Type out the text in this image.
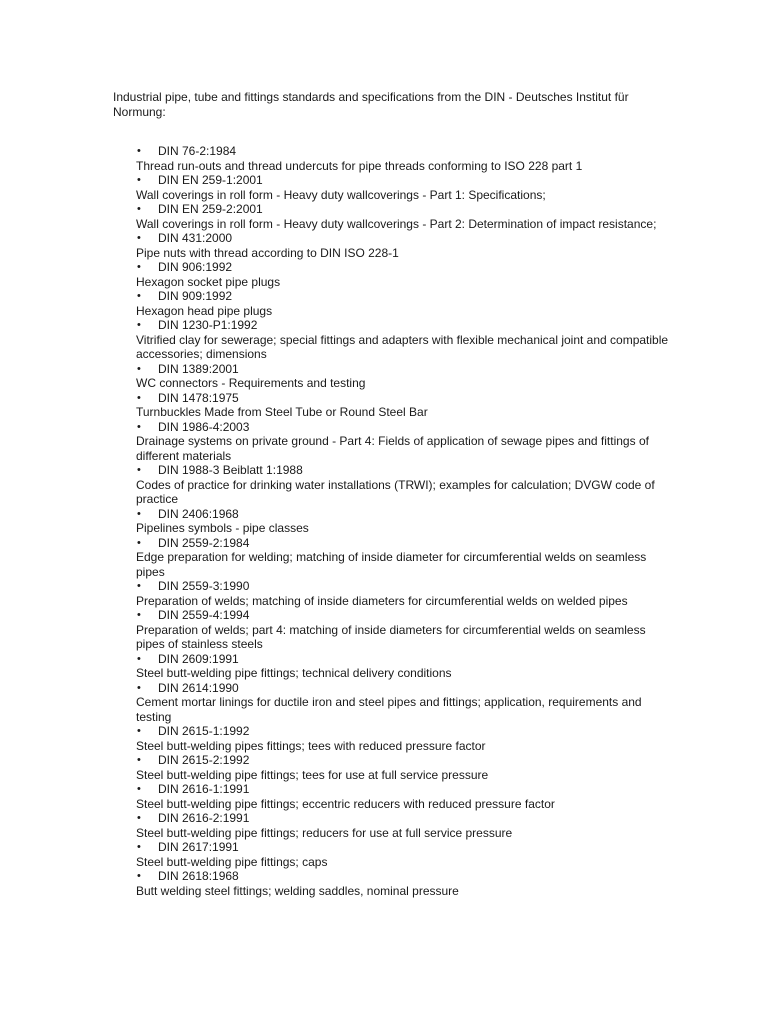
Industrial pipe, tube and fittings standards and specifications from the DIN - Deutsches Institut für Normung:

• DIN 76-2:1984
Thread run-outs and thread undercuts for pipe threads conforming to ISO 228 part 1
• DIN EN 259-1:2001
Wall coverings in roll form - Heavy duty wallcoverings - Part 1: Specifications;
• DIN EN 259-2:2001
Wall coverings in roll form - Heavy duty wallcoverings - Part 2: Determination of impact resistance;
• DIN 431:2000
Pipe nuts with thread according to DIN ISO 228-1
• DIN 906:1992
Hexagon socket pipe plugs
• DIN 909:1992
Hexagon head pipe plugs
• DIN 1230-P1:1992
Vitrified clay for sewerage; special fittings and adapters with flexible mechanical joint and compatible accessories; dimensions
• DIN 1389:2001
WC connectors - Requirements and testing
• DIN 1478:1975
Turnbuckles Made from Steel Tube or Round Steel Bar
• DIN 1986-4:2003
Drainage systems on private ground - Part 4: Fields of application of sewage pipes and fittings of different materials
• DIN 1988-3 Beiblatt 1:1988
Codes of practice for drinking water installations (TRWI); examples for calculation; DVGW code of practice
• DIN 2406:1968
Pipelines symbols - pipe classes
• DIN 2559-2:1984
Edge preparation for welding; matching of inside diameter for circumferential welds on seamless pipes
• DIN 2559-3:1990
Preparation of welds; matching of inside diameters for circumferential welds on welded pipes
• DIN 2559-4:1994
Preparation of welds; part 4: matching of inside diameters for circumferential welds on seamless pipes of stainless steels
• DIN 2609:1991
Steel butt-welding pipe fittings; technical delivery conditions
• DIN 2614:1990
Cement mortar linings for ductile iron and steel pipes and fittings; application, requirements and testing
• DIN 2615-1:1992
Steel butt-welding pipes fittings; tees with reduced pressure factor
• DIN 2615-2:1992
Steel butt-welding pipe fittings; tees for use at full service pressure
• DIN 2616-1:1991
Steel butt-welding pipe fittings; eccentric reducers with reduced pressure factor
• DIN 2616-2:1991
Steel butt-welding pipe fittings; reducers for use at full service pressure
• DIN 2617:1991
Steel butt-welding pipe fittings; caps
• DIN 2618:1968
Butt welding steel fittings; welding saddles, nominal pressure
